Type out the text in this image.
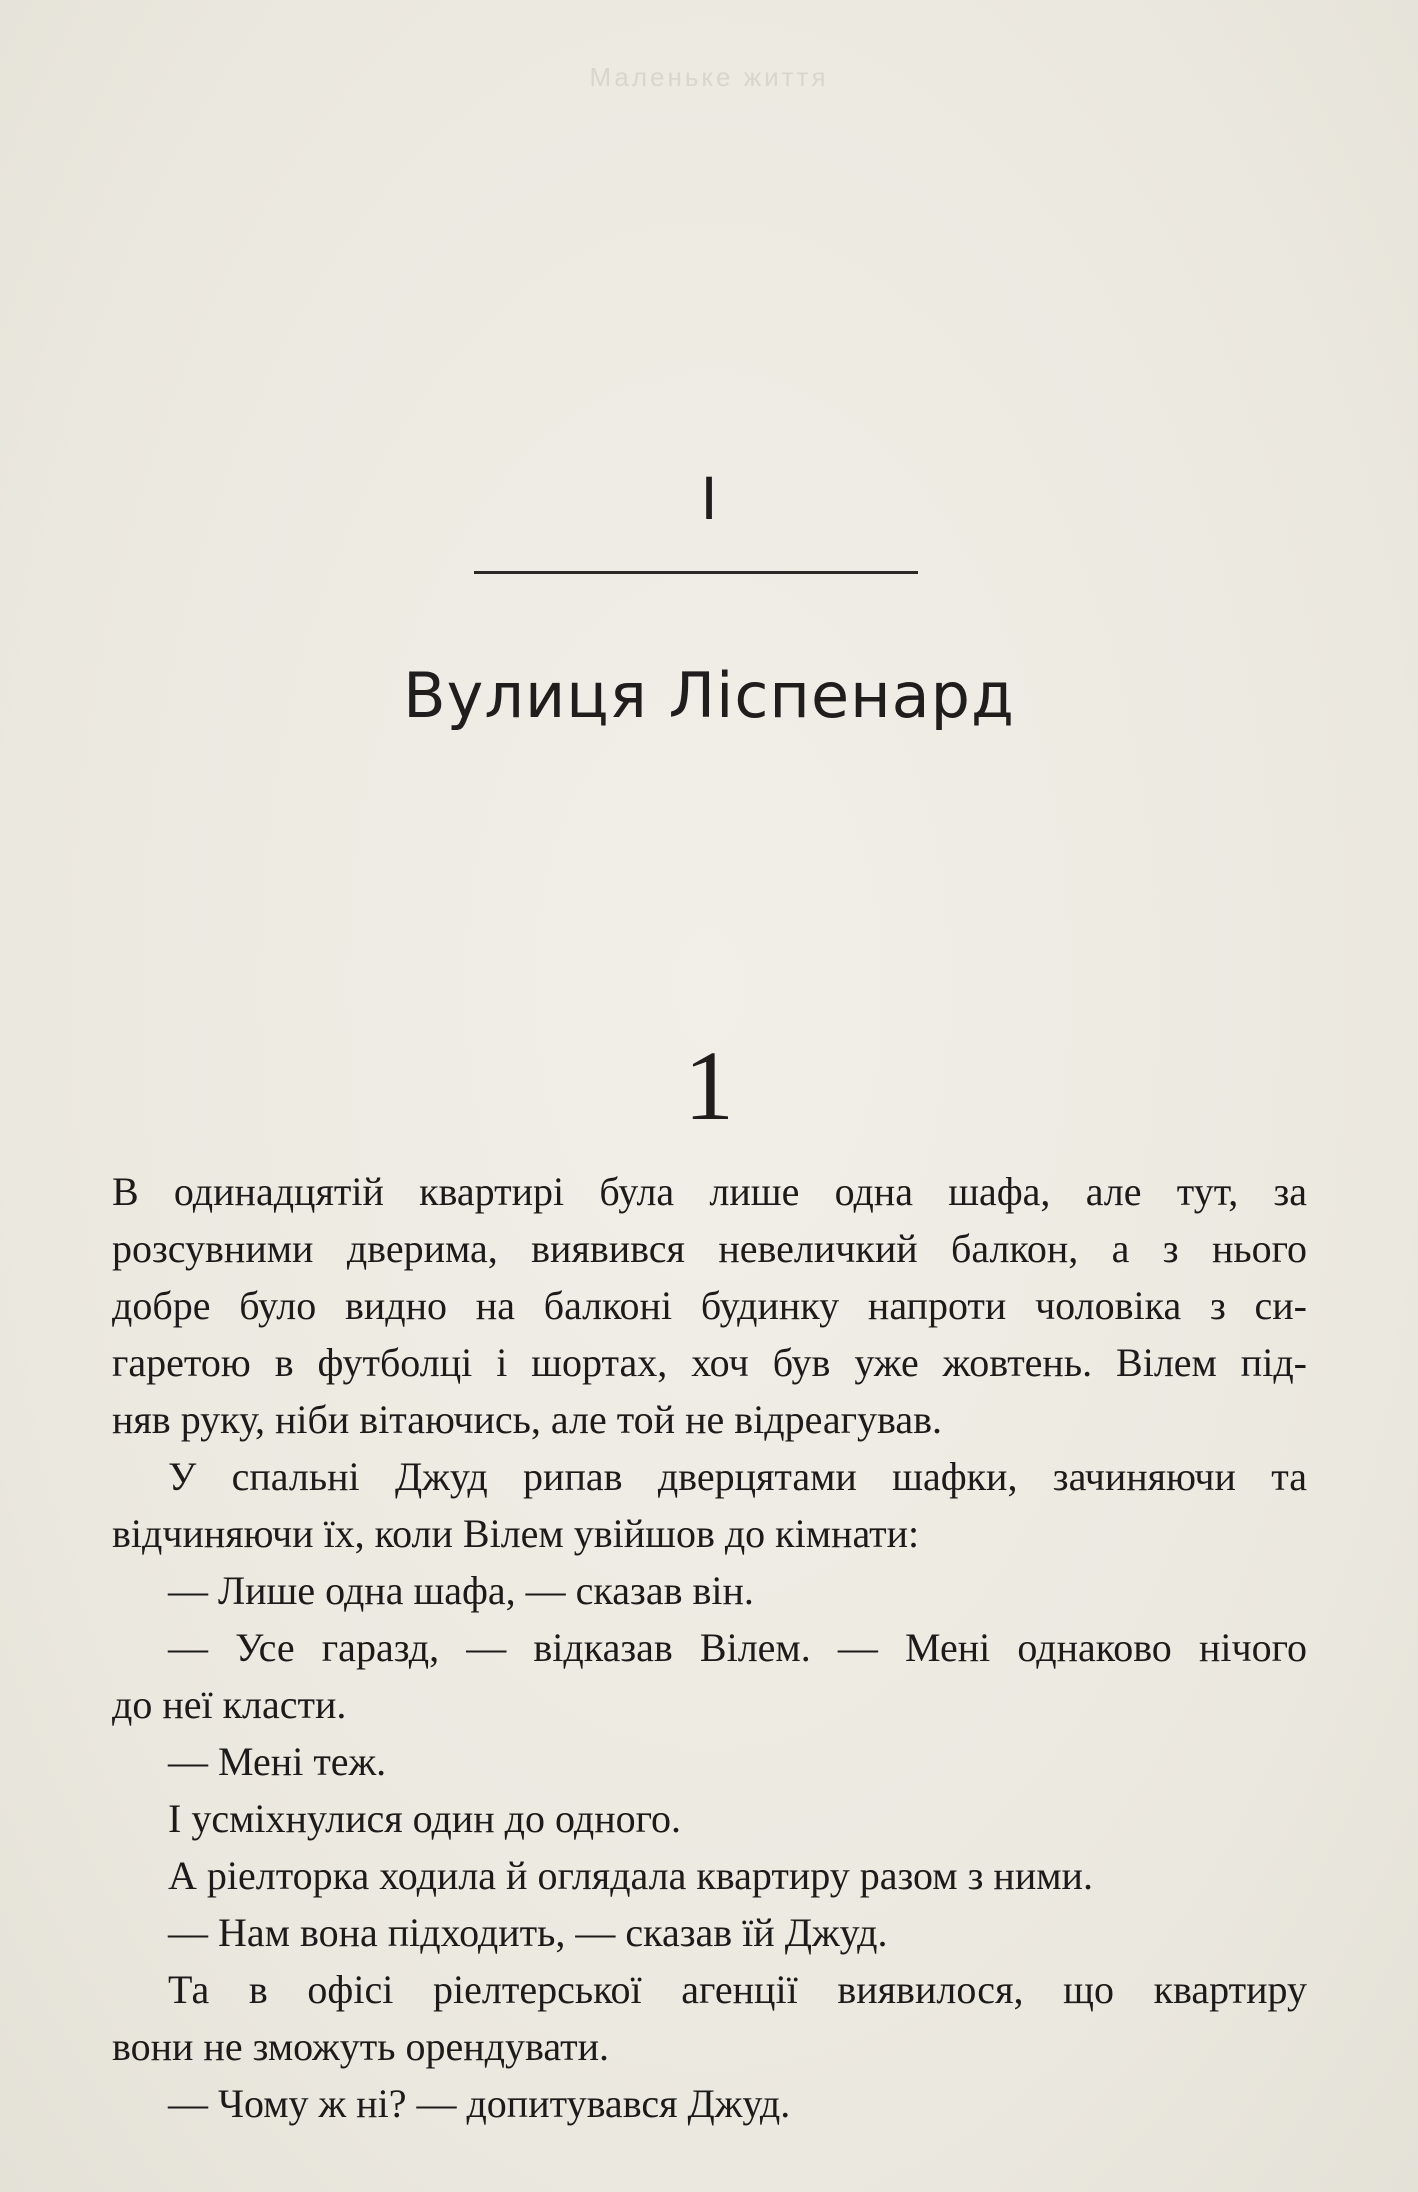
Маленьке життя
I
Вулиця Ліспенард
1
В одинадцятій квартирі була лише одна шафа, але тут, за
розсувними дверима, виявився невеличкий балкон, а з нього
добре було видно на балконі будинку напроти чоловіка з си-
гаретою в футболці і шортах, хоч був уже жовтень. Вілем під-
няв руку, ніби вітаючись, але той не відреагував.
У спальні Джуд рипав дверцятами шафки, зачиняючи та
відчиняючи їх, коли Вілем увійшов до кімнати:
— Лише одна шафа, — сказав він.
— Усе гаразд, — відказав Вілем. — Мені однаково нічого
до неї класти.
— Мені теж.
І усміхнулися один до одного.
А ріелторка ходила й оглядала квартиру разом з ними.
— Нам вона підходить, — сказав їй Джуд.
Та в офісі ріелтерської агенції виявилося, що квартиру
вони не зможуть орендувати.
— Чому ж ні? — допитувався Джуд.
